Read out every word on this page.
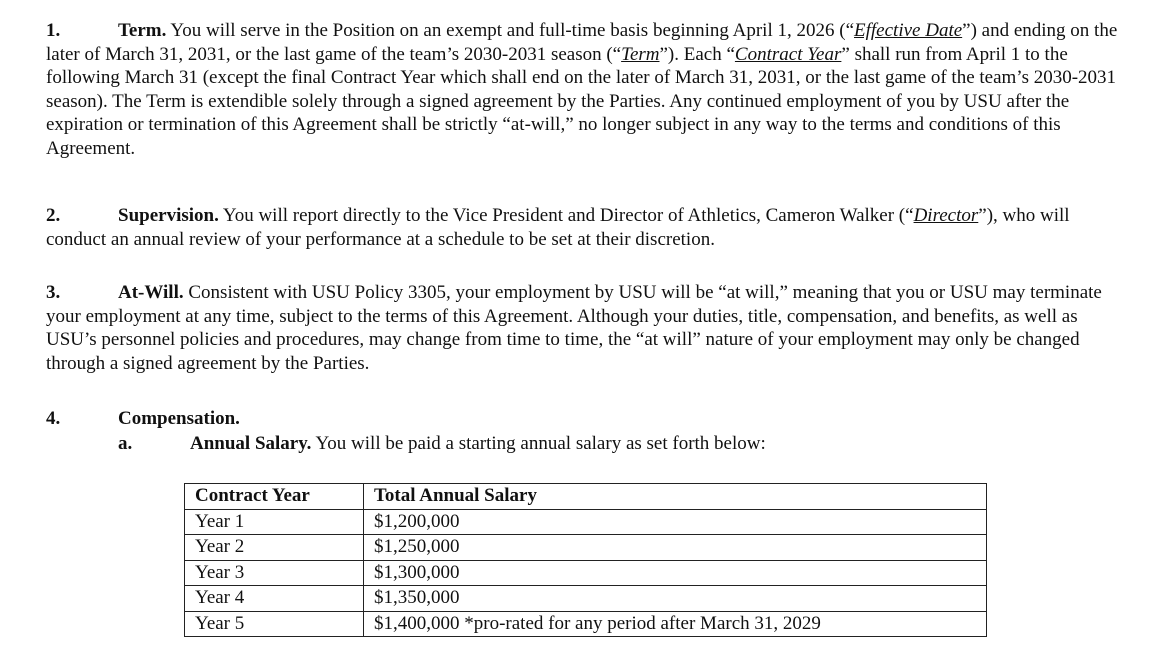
1.	Term. You will serve in the Position on an exempt and full-time basis beginning April 1, 2026 (“Effective Date”) and ending on the later of March 31, 2031, or the last game of the team’s 2030-2031 season (“Term”). Each “Contract Year” shall run from April 1 to the following March 31 (except the final Contract Year which shall end on the later of March 31, 2031, or the last game of the team’s 2030-2031 season). The Term is extendible solely through a signed agreement by the Parties. Any continued employment of you by USU after the expiration or termination of this Agreement shall be strictly “at-will,” no longer subject in any way to the terms and conditions of this Agreement.

2.	Supervision. You will report directly to the Vice President and Director of Athletics, Cameron Walker (“Director”), who will conduct an annual review of your performance at a schedule to be set at their discretion.

3.	At-Will. Consistent with USU Policy 3305, your employment by USU will be “at will,” meaning that you or USU may terminate your employment at any time, subject to the terms of this Agreement. Although your duties, title, compensation, and benefits, as well as USU’s personnel policies and procedures, may change from time to time, the “at will” nature of your employment may only be changed through a signed agreement by the Parties.

4.	Compensation.

a.	Annual Salary. You will be paid a starting annual salary as set forth below:

Contract Year	Total Annual Salary
Year 1	$1,200,000
Year 2	$1,250,000
Year 3	$1,300,000
Year 4	$1,350,000
Year 5	$1,400,000 *pro-rated for any period after March 31, 2029
